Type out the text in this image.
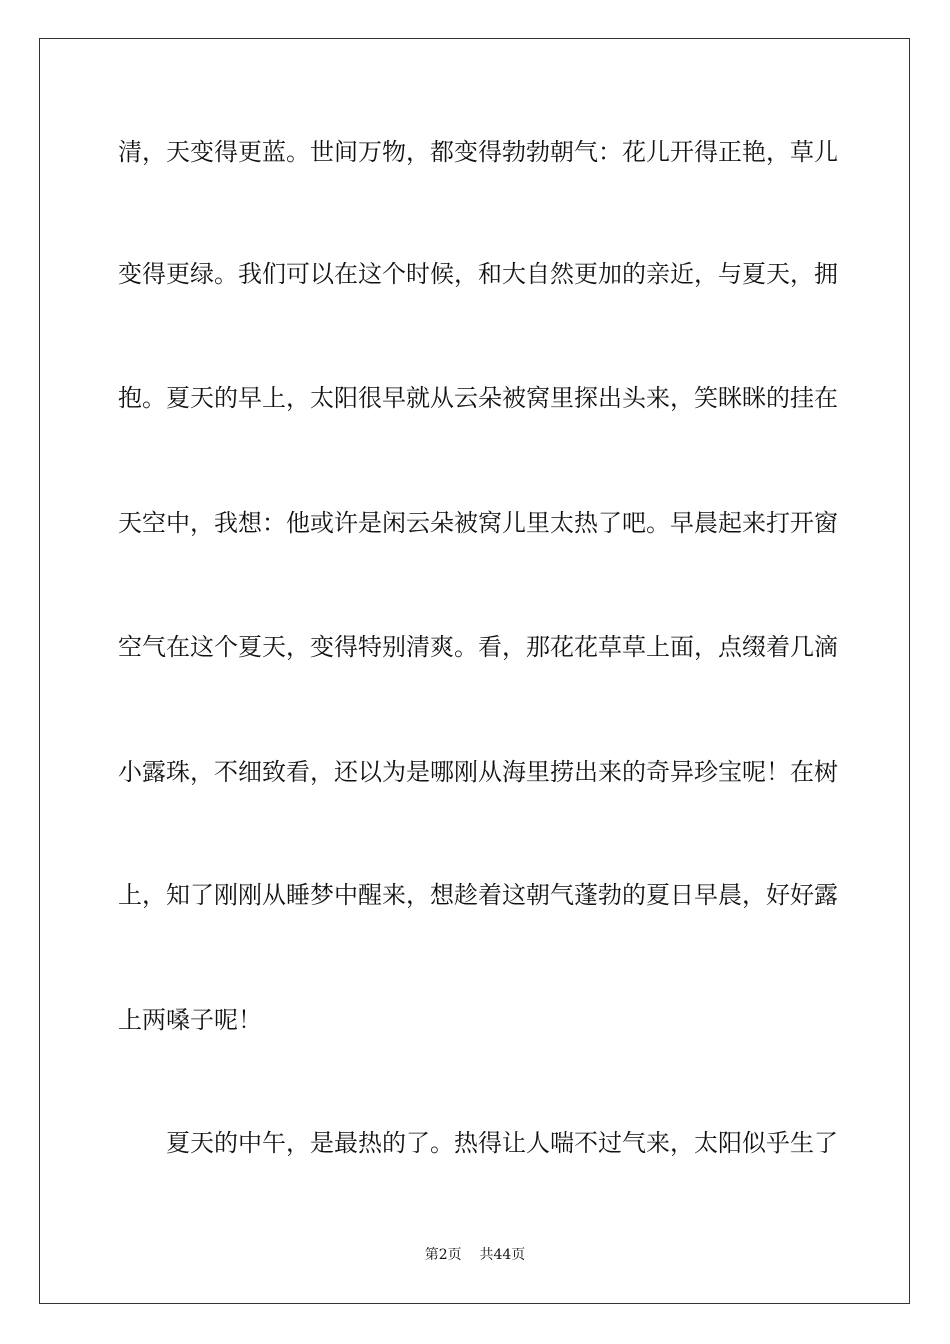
清，天变得更蓝。世间万物，都变得勃勃朝气：花儿开得正艳，草儿
变得更绿。我们可以在这个时候，和大自然更加的亲近，与夏天，拥
抱。夏天的早上，太阳很早就从云朵被窝里探出头来，笑眯眯的挂在
天空中，我想：他或许是闲云朵被窝儿里太热了吧。早晨起来打开窗
空气在这个夏天，变得特别清爽。看，那花花草草上面，点缀着几滴
小露珠，不细致看，还以为是哪刚从海里捞出来的奇异珍宝呢！在树
上，知了刚刚从睡梦中醒来，想趁着这朝气蓬勃的夏日早晨，好好露
上两嗓子呢！
夏天的中午，是最热的了。热得让人喘不过气来，太阳似乎生了
第2页 共44页
